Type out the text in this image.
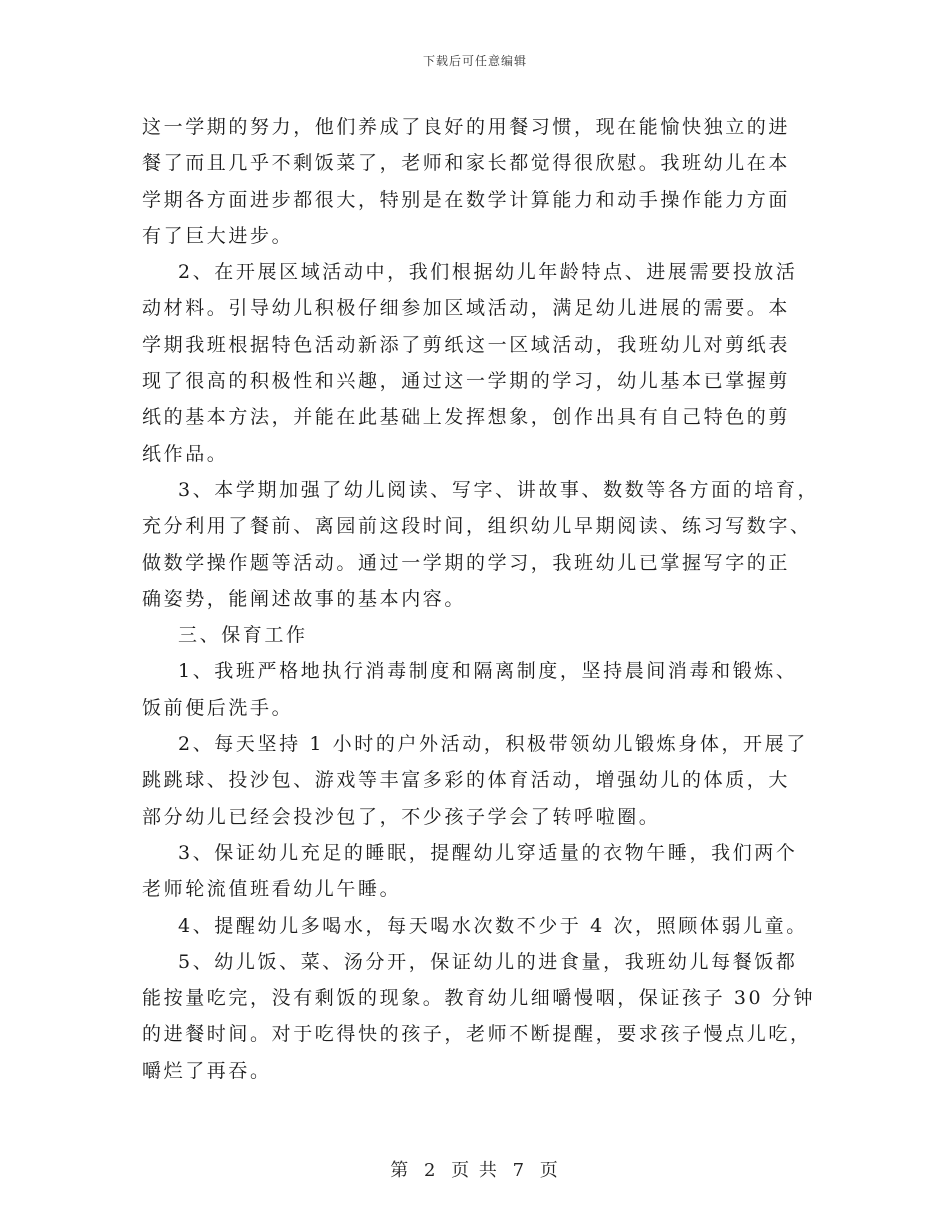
下载后可任意编辑
这一学期的努力，他们养成了良好的用餐习惯，现在能愉快独立的进
餐了而且几乎不剩饭菜了，老师和家长都觉得很欣慰。我班幼儿在本
学期各方面进步都很大，特别是在数学计算能力和动手操作能力方面
有了巨大进步。
2、在开展区域活动中，我们根据幼儿年龄特点、进展需要投放活
动材料。引导幼儿积极仔细参加区域活动，满足幼儿进展的需要。本
学期我班根据特色活动新添了剪纸这一区域活动，我班幼儿对剪纸表
现了很高的积极性和兴趣，通过这一学期的学习，幼儿基本已掌握剪
纸的基本方法，并能在此基础上发挥想象，创作出具有自己特色的剪
纸作品。
3、本学期加强了幼儿阅读、写字、讲故事、数数等各方面的培育，
充分利用了餐前、离园前这段时间，组织幼儿早期阅读、练习写数字、
做数学操作题等活动。通过一学期的学习，我班幼儿已掌握写字的正
确姿势，能阐述故事的基本内容。
三、保育工作
1、我班严格地执行消毒制度和隔离制度，坚持晨间消毒和锻炼、
饭前便后洗手。
2、每天坚持 1 小时的户外活动，积极带领幼儿锻炼身体，开展了
跳跳球、投沙包、游戏等丰富多彩的体育活动，增强幼儿的体质，大
部分幼儿已经会投沙包了，不少孩子学会了转呼啦圈。
3、保证幼儿充足的睡眠，提醒幼儿穿适量的衣物午睡，我们两个
老师轮流值班看幼儿午睡。
4、提醒幼儿多喝水，每天喝水次数不少于 4 次，照顾体弱儿童。
5、幼儿饭、菜、汤分开，保证幼儿的进食量，我班幼儿每餐饭都
能按量吃完，没有剩饭的现象。教育幼儿细嚼慢咽，保证孩子 30 分钟
的进餐时间。对于吃得快的孩子，老师不断提醒，要求孩子慢点儿吃，
嚼烂了再吞。
第 2 页 共 7 页
